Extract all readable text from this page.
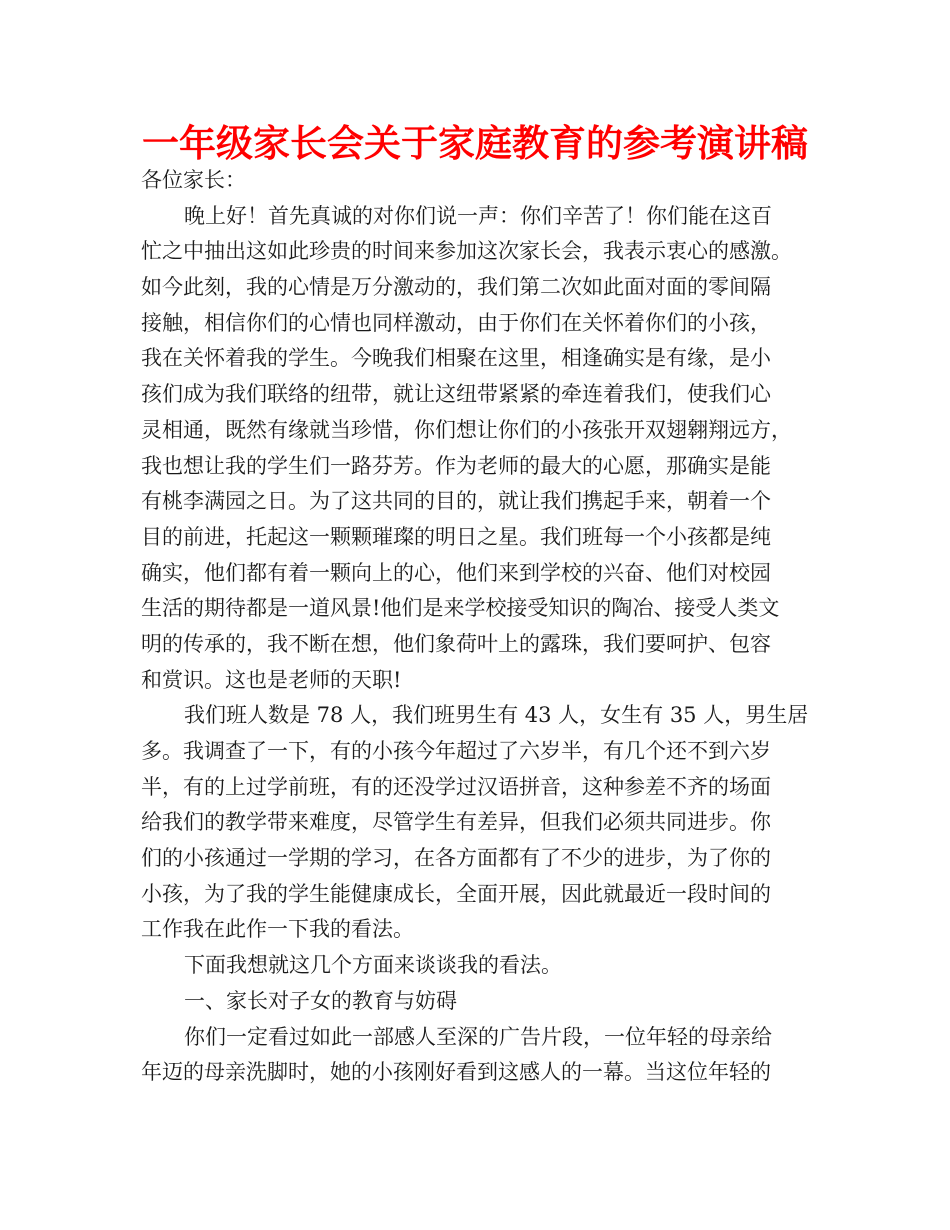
一年级家长会关于家庭教育的参考演讲稿
各位家长：
晚上好！首先真诚的对你们说一声：你们辛苦了！你们能在这百
忙之中抽出这如此珍贵的时间来参加这次家长会，我表示衷心的感激。
如今此刻，我的心情是万分激动的，我们第二次如此面对面的零间隔
接触，相信你们的心情也同样激动，由于你们在关怀着你们的小孩，
我在关怀着我的学生。今晚我们相聚在这里，相逢确实是有缘，是小
孩们成为我们联络的纽带，就让这纽带紧紧的牵连着我们，使我们心
灵相通，既然有缘就当珍惜，你们想让你们的小孩张开双翅翱翔远方，
我也想让我的学生们一路芬芳。作为老师的最大的心愿，那确实是能
有桃李满园之日。为了这共同的目的，就让我们携起手来，朝着一个
目的前进，托起这一颗颗璀璨的明日之星。我们班每一个小孩都是纯
确实，他们都有着一颗向上的心，他们来到学校的兴奋、他们对校园
生活的期待都是一道风景!他们是来学校接受知识的陶冶、接受人类文
明的传承的，我不断在想，他们象荷叶上的露珠，我们要呵护、包容
和赏识。这也是老师的天职!
我们班人数是 78 人，我们班男生有 43 人，女生有 35 人，男生居
多。我调查了一下，有的小孩今年超过了六岁半，有几个还不到六岁
半，有的上过学前班，有的还没学过汉语拼音，这种参差不齐的场面
给我们的教学带来难度，尽管学生有差异，但我们必须共同进步。你
们的小孩通过一学期的学习，在各方面都有了不少的进步，为了你的
小孩，为了我的学生能健康成长，全面开展，因此就最近一段时间的
工作我在此作一下我的看法。
下面我想就这几个方面来谈谈我的看法。
一、家长对子女的教育与妨碍
你们一定看过如此一部感人至深的广告片段，一位年轻的母亲给
年迈的母亲洗脚时，她的小孩刚好看到这感人的一幕。当这位年轻的
